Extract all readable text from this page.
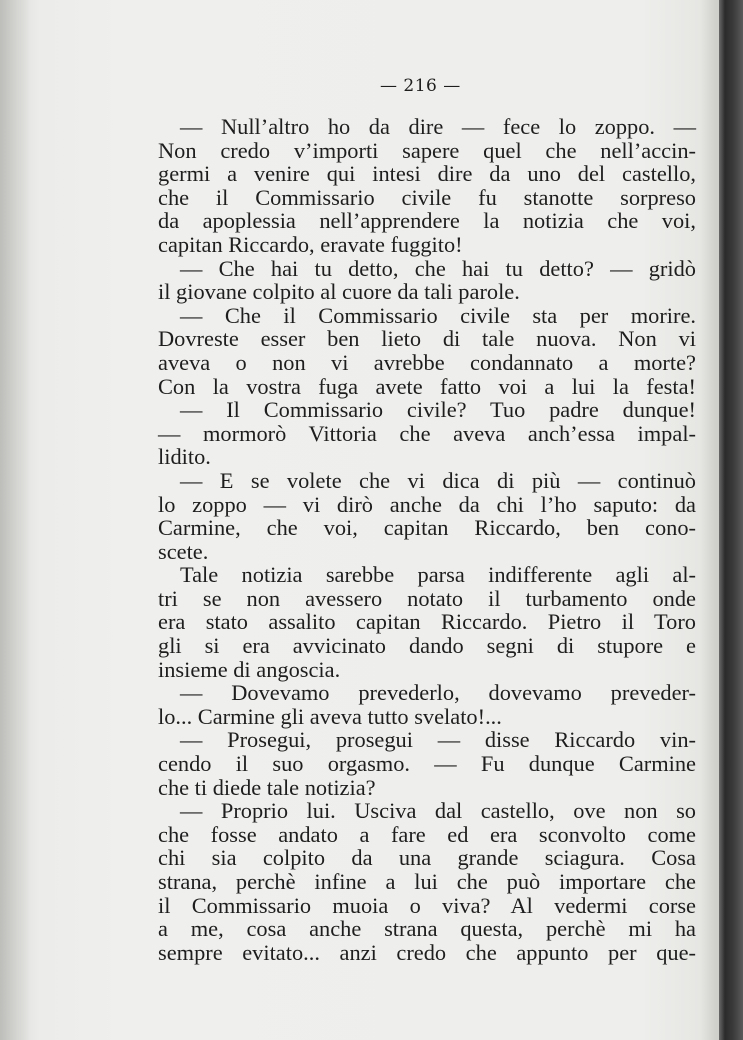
— 216 —
— Null’altro ho da dire — fece lo zoppo. —
Non credo v’importi sapere quel che nell’accin-
germi a venire qui intesi dire da uno del castello,
che il Commissario civile fu stanotte sorpreso
da apoplessia nell’apprendere la notizia che voi,
capitan Riccardo, eravate fuggito!
— Che hai tu detto, che hai tu detto? — gridò
il giovane colpito al cuore da tali parole.
— Che il Commissario civile sta per morire.
Dovreste esser ben lieto di tale nuova. Non vi
aveva o non vi avrebbe condannato a morte?
Con la vostra fuga avete fatto voi a lui la festa!
— Il Commissario civile? Tuo padre dunque!
— mormorò Vittoria che aveva anch’essa impal-
lidito.
— E se volete che vi dica di più — continuò
lo zoppo — vi dirò anche da chi l’ho saputo: da
Carmine, che voi, capitan Riccardo, ben cono-
scete.
Tale notizia sarebbe parsa indifferente agli al-
tri se non avessero notato il turbamento onde
era stato assalito capitan Riccardo. Pietro il Toro
gli si era avvicinato dando segni di stupore e
insieme di angoscia.
— Dovevamo prevederlo, dovevamo preveder-
lo... Carmine gli aveva tutto svelato!...
— Prosegui, prosegui — disse Riccardo vin-
cendo il suo orgasmo. — Fu dunque Carmine
che ti diede tale notizia?
— Proprio lui. Usciva dal castello, ove non so
che fosse andato a fare ed era sconvolto come
chi sia colpito da una grande sciagura. Cosa
strana, perchè infine a lui che può importare che
il Commissario muoia o viva? Al vedermi corse
a me, cosa anche strana questa, perchè mi ha
sempre evitato... anzi credo che appunto per que-
